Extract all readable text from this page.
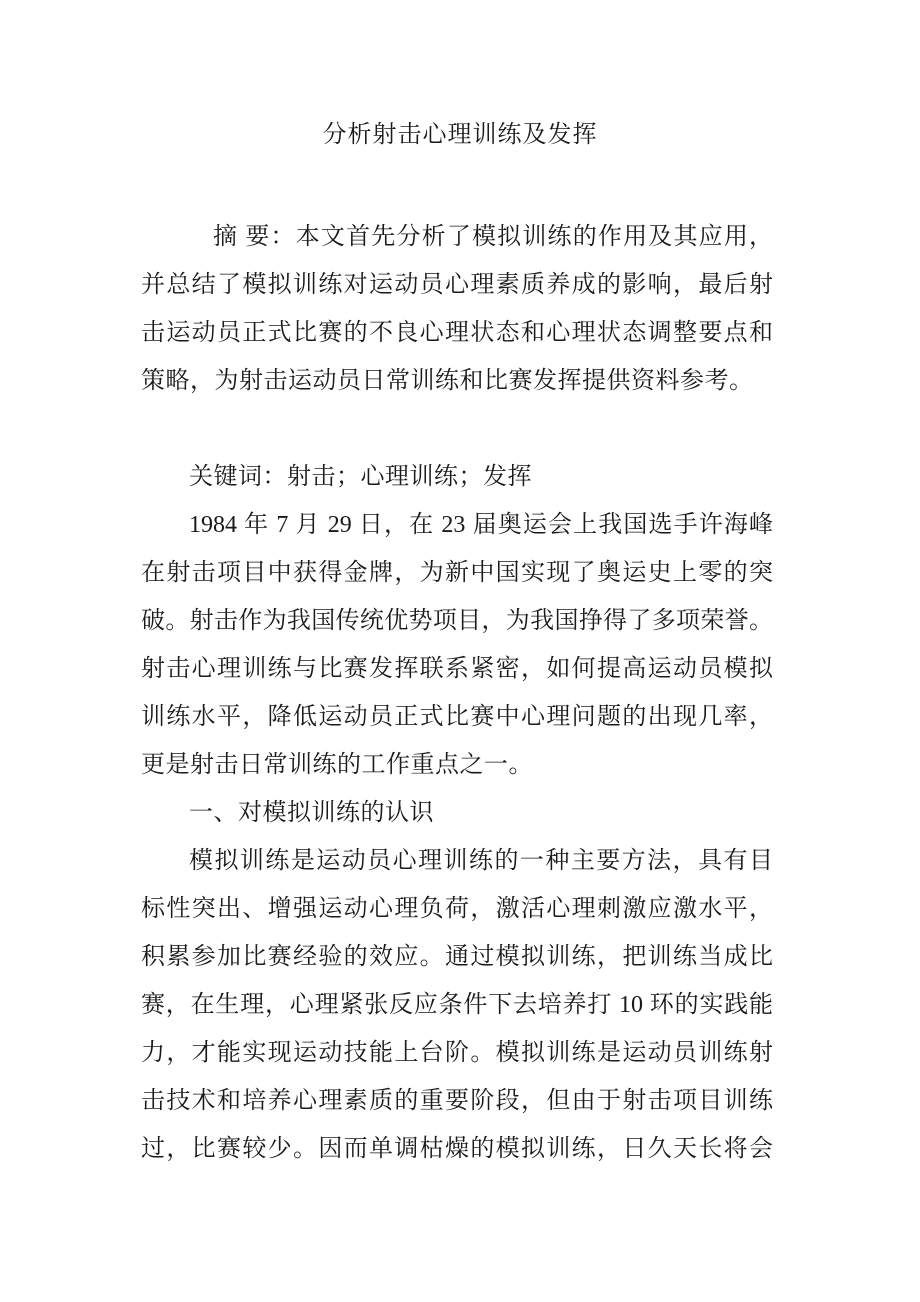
分析射击心理训练及发挥
摘 要：本文首先分析了模拟训练的作用及其应用，
并总结了模拟训练对运动员心理素质养成的影响，最后射
击运动员正式比赛的不良心理状态和心理状态调整要点和
策略，为射击运动员日常训练和比赛发挥提供资料参考。
关键词：射击；心理训练；发挥
1984 年 7 月 29 日，在 23 届奥运会上我国选手许海峰
在射击项目中获得金牌，为新中国实现了奥运史上零的突
破。射击作为我国传统优势项目，为我国挣得了多项荣誉。
射击心理训练与比赛发挥联系紧密，如何提高运动员模拟
训练水平，降低运动员正式比赛中心理问题的出现几率，
更是射击日常训练的工作重点之一。
一、对模拟训练的认识
模拟训练是运动员心理训练的一种主要方法，具有目
标性突出、增强运动心理负荷，激活心理刺激应激水平，
积累参加比赛经验的效应。通过模拟训练，把训练当成比
赛，在生理，心理紧张反应条件下去培养打 10 环的实践能
力，才能实现运动技能上台阶。模拟训练是运动员训练射
击技术和培养心理素质的重要阶段，但由于射击项目训练
过，比赛较少。因而单调枯燥的模拟训练，日久天长将会
